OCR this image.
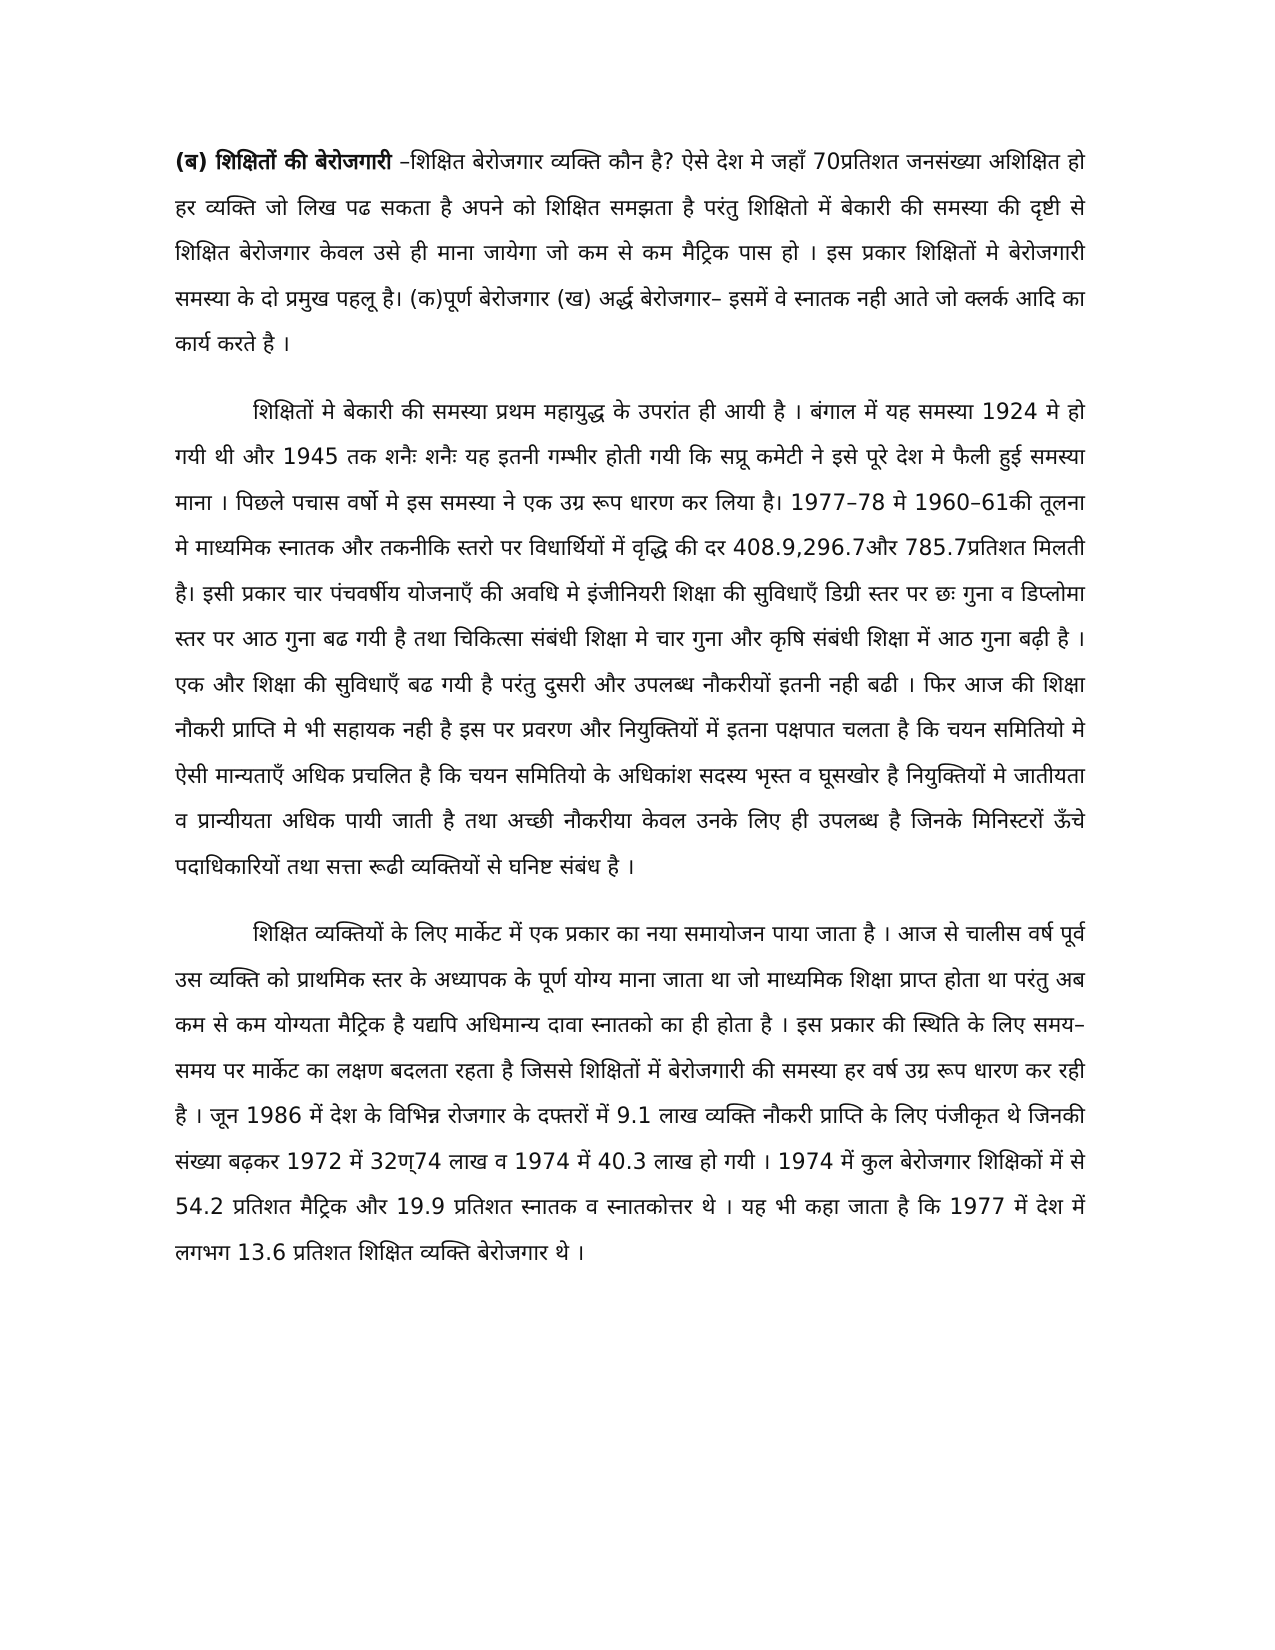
(ब) शिक्षितों की बेरोजगारी –शिक्षित बेरोजगार व्यक्ति कौन है? ऐसे देश मे जहाँ 70प्रतिशत जनसंख्या अशिक्षित हो हर व्यक्ति जो लिख पढ सकता है अपने को शिक्षित समझता है परंतु शिक्षितो में बेकारी की समस्या की दृष्टी से शिक्षित बेरोजगार केवल उसे ही माना जायेगा जो कम से कम मैट्रिक पास हो । इस प्रकार शिक्षितों मे बेरोजगारी समस्या के दो प्रमुख पहलू है। (क)पूर्ण बेरोजगार (ख) अर्द्ध बेरोजगार– इसमें वे स्नातक नही आते जो क्लर्क आदि का कार्य करते है ।

शिक्षितों मे बेकारी की समस्या प्रथम महायुद्ध के उपरांत ही आयी है । बंगाल में यह समस्या 1924 मे हो गयी थी और 1945 तक शनैः शनैः यह इतनी गम्भीर होती गयी कि सप्रू कमेटी ने इसे पूरे देश मे फैली हुई समस्या माना । पिछले पचास वर्षो मे इस समस्या ने एक उग्र रूप धारण कर लिया है। 1977–78 मे 1960–61की तूलना मे माध्यमिक स्नातक और तकनीकि स्तरो पर विधार्थियों में वृद्धि की दर 408.9,296.7और 785.7प्रतिशत मिलती है। इसी प्रकार चार पंचवर्षीय योजनाएँ की अवधि मे इंजीनियरी शिक्षा की सुविधाएँ डिग्री स्तर पर छः गुना व डिप्लोमा स्तर पर आठ गुना बढ गयी है तथा चिकित्सा संबंधी शिक्षा मे चार गुना और कृषि संबंधी शिक्षा में आठ गुना बढ़ी है । एक और शिक्षा की सुविधाएँ बढ गयी है परंतु दुसरी और उपलब्ध नौकरीयों इतनी नही बढी । फिर आज की शिक्षा नौकरी प्राप्ति मे भी सहायक नही है इस पर प्रवरण और नियुक्तियों में इतना पक्षपात चलता है कि चयन समितियो मे ऐसी मान्यताएँ अधिक प्रचलित है कि चयन समितियो के अधिकांश सदस्य भृस्त व घूसखोर है नियुक्तियों मे जातीयता व प्रान्यीयता अधिक पायी जाती है तथा अच्छी नौकरीया केवल उनके लिए ही उपलब्ध है जिनके मिनिस्टरों ऊँचे पदाधिकारियों तथा सत्ता रूढी व्यक्तियों से घनिष्ट संबंध है ।

शिक्षित व्यक्तियों के लिए मार्केट में एक प्रकार का नया समायोजन पाया जाता है । आज से चालीस वर्ष पूर्व उस व्यक्ति को प्राथमिक स्तर के अध्यापक के पूर्ण योग्य माना जाता था जो माध्यमिक शिक्षा प्राप्त होता था परंतु अब कम से कम योग्यता मैट्रिक है यद्यपि अधिमान्य दावा स्नातको का ही होता है । इस प्रकार की स्थिति के लिए समय–समय पर मार्केट का लक्षण बदलता रहता है जिससे शिक्षितों में बेरोजगारी की समस्या हर वर्ष उग्र रूप धारण कर रही है । जून 1986 में देश के विभिन्न रोजगार के दफ्तरों में 9.1 लाख व्यक्ति नौकरी प्राप्ति के लिए पंजीकृत थे जिनकी संख्या बढ़कर 1972 में 32ण्74 लाख व 1974 में 40.3 लाख हो गयी । 1974 में कुल बेरोजगार शिक्षिकों में से 54.2 प्रतिशत मैट्रिक और 19.9 प्रतिशत स्नातक व स्नातकोत्तर थे । यह भी कहा जाता है कि 1977 में देश में लगभग 13.6 प्रतिशत शिक्षित व्यक्ति बेरोजगार थे ।
